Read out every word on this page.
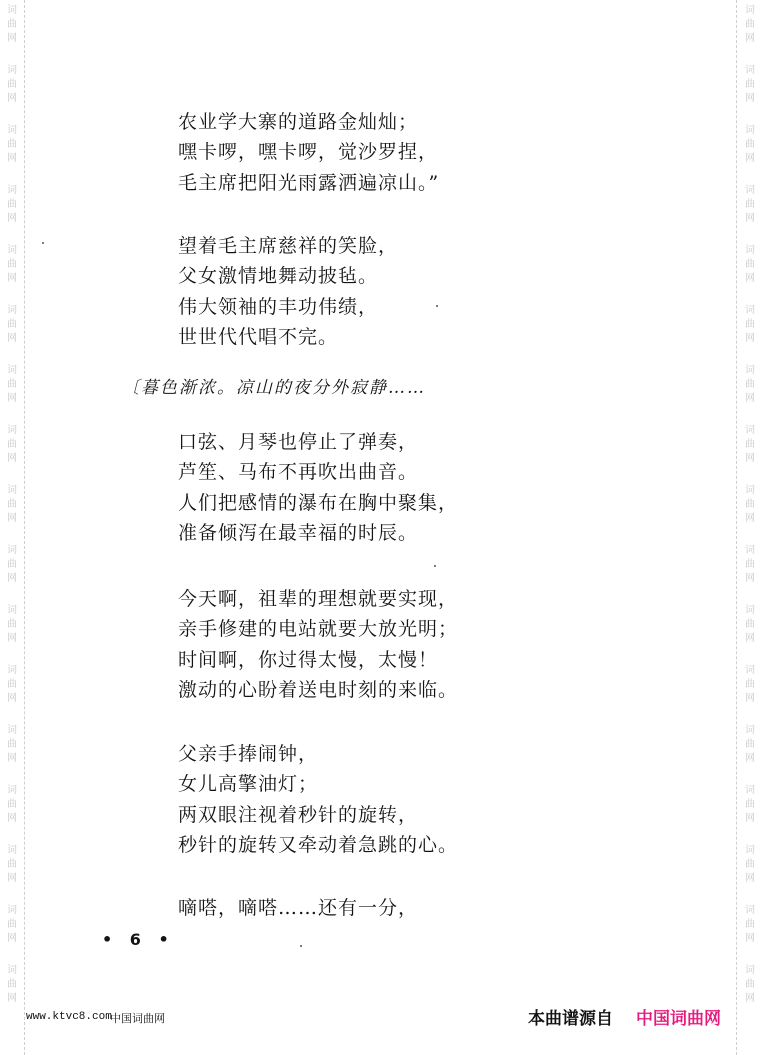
词
曲
网
词
曲
网
词
曲
网
词
曲
网
词
曲
网
词
曲
网
词
曲
网
词
曲
网
词
曲
网
词
曲
网
词
曲
网
词
曲
网
词
曲
网
词
曲
网
词
曲
网
词
曲
网
词
曲
网
词
曲
网
词
曲
网
词
曲
网
词
曲
网
词
曲
网
词
曲
网
词
曲
网
词
曲
网
词
曲
网
词
曲
网
词
曲
网
词
曲
网
词
曲
网
词
曲
网
词
曲
网
词
曲
网
词
曲
网
农业学大寨的道路金灿灿；
嘿卡啰，嘿卡啰，觉沙罗捏，
毛主席把阳光雨露洒遍凉山。”
望着毛主席慈祥的笑脸，
父女激情地舞动披毡。
伟大领袖的丰功伟绩，
世世代代唱不完。
〔暮色渐浓。凉山的夜分外寂静……
口弦、月琴也停止了弹奏，
芦笙、马布不再吹出曲音。
人们把感情的瀑布在胸中聚集，
准备倾泻在最幸福的时辰。
今天啊，祖辈的理想就要实现，
亲手修建的电站就要大放光明；
时间啊，你过得太慢，太慢！
激动的心盼着送电时刻的来临。
父亲手捧闹钟，
女儿高擎油灯；
两双眼注视着秒针的旋转，
秒针的旋转又牵动着急跳的心。
嘀嗒，嘀嗒……还有一分，
• 6 •
www.ktvc8.com
中国词曲网	本曲谱源自 中国词曲网
